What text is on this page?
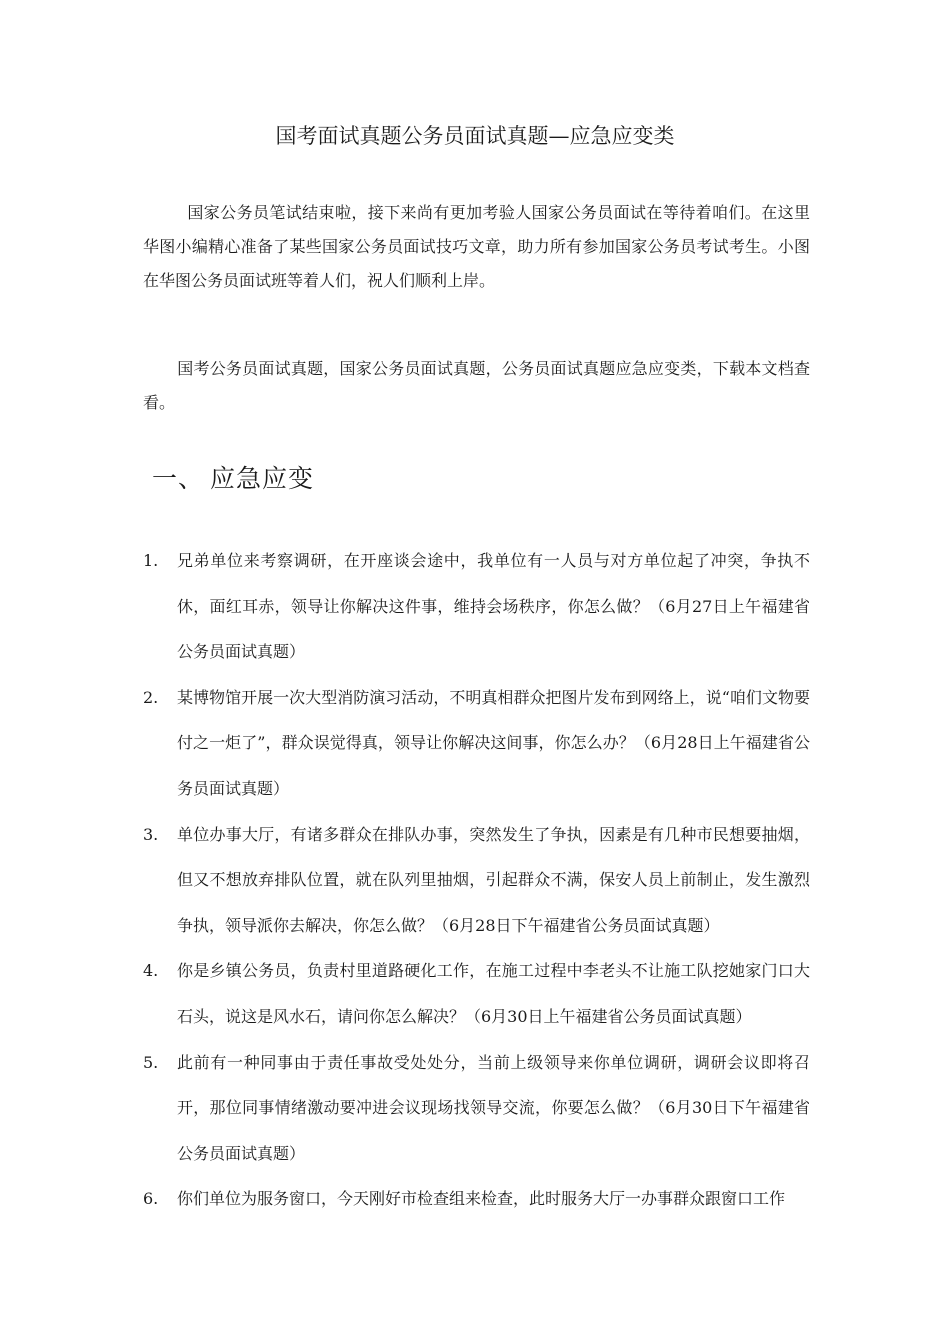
国考面试真题公务员面试真题—应急应变类
国家公务员笔试结束啦，接下来尚有更加考验人国家公务员面试在等待着咱们。在这里华图小编精心准备了某些国家公务员面试技巧文章，助力所有参加国家公务员考试考生。小图在华图公务员面试班等着人们，祝人们顺利上岸。
国考公务员面试真题，国家公务员面试真题，公务员面试真题应急应变类，下载本文档查看。
一、 应急应变
1.	兄弟单位来考察调研，在开座谈会途中，我单位有一人员与对方单位起了冲突，争执不休，面红耳赤，领导让你解决这件事，维持会场秩序，你怎么做？（6月27日上午福建省公务员面试真题）
2.	某博物馆开展一次大型消防演习活动，不明真相群众把图片发布到网络上，说“咱们文物要付之一炬了”，群众误觉得真，领导让你解决这间事，你怎么办？（6月28日上午福建省公务员面试真题）
3.	单位办事大厅，有诸多群众在排队办事，突然发生了争执，因素是有几种市民想要抽烟，但又不想放弃排队位置，就在队列里抽烟，引起群众不满，保安人员上前制止，发生激烈争执，领导派你去解决，你怎么做？（6月28日下午福建省公务员面试真题）
4.	你是乡镇公务员，负责村里道路硬化工作，在施工过程中李老头不让施工队挖她家门口大石头，说这是风水石，请问你怎么解决？（6月30日上午福建省公务员面试真题）
5.	此前有一种同事由于责任事故受处处分，当前上级领导来你单位调研，调研会议即将召开，那位同事情绪激动要冲进会议现场找领导交流，你要怎么做？（6月30日下午福建省公务员面试真题）
6.	你们单位为服务窗口，今天刚好市检查组来检查，此时服务大厅一办事群众跟窗口工作
